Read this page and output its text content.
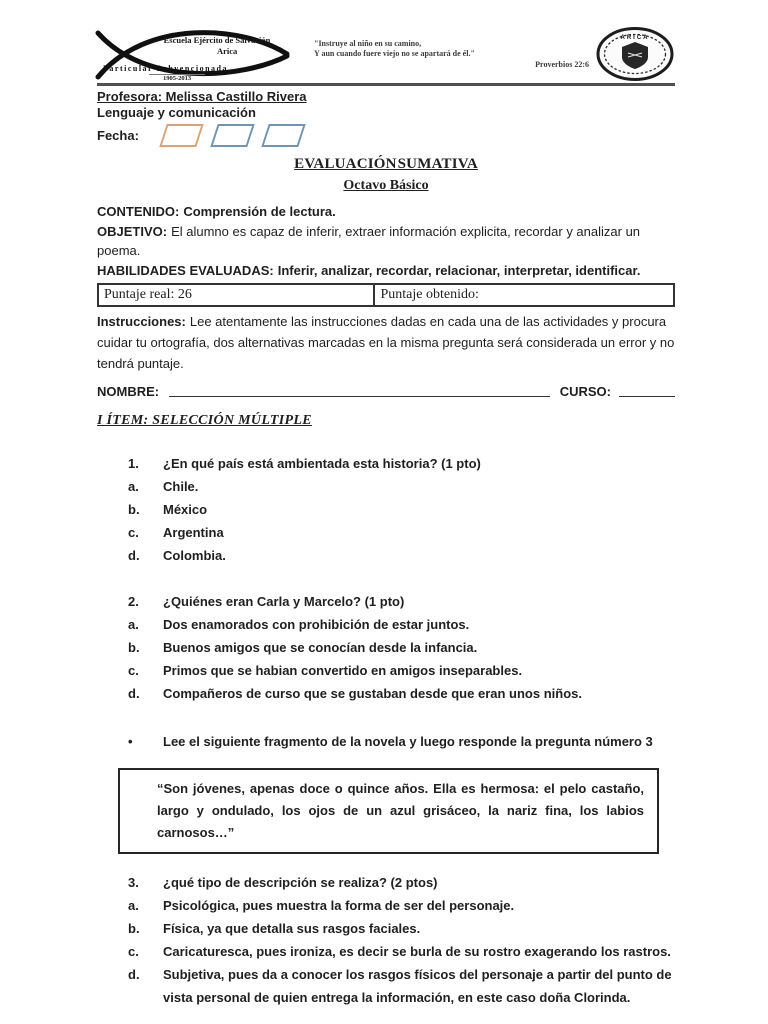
Escuela Ejército de Salvación
Arica
Particular Subvencionada
1905-2013
"Instruye al niño en su camino,
Y aun cuando fuere viejo no se apartará de él."
Proverbios 22:6
ARICA
Profesora: Melissa Castillo Rivera
Lenguaje y comunicación
Fecha:
EVALUACIÓN SUMATIVA
Octavo Básico
CONTENIDO: Comprensión de lectura.
OBJETIVO: El alumno es capaz de inferir, extraer información explicita, recordar y analizar un poema.
HABILIDADES EVALUADAS: Inferir, analizar, recordar, relacionar, interpretar, identificar.
Puntaje real: 26	Puntaje obtenido:
Instrucciones: Lee atentamente las instrucciones dadas en cada una de las actividades y procura cuidar tu ortografía, dos alternativas marcadas en la misma pregunta será considerada un error y no tendrá puntaje.
NOMBRE:	CURSO:
I ÍTEM: SELECCIÓN MÚLTIPLE
1.	¿En qué país está ambientada esta historia? (1 pto)
a.	Chile.
b.	México
c.	Argentina
d.	Colombia.
2.	¿Quiénes eran Carla y Marcelo? (1 pto)
a.	Dos enamorados con prohibición de estar juntos.
b.	Buenos amigos que se conocían desde la infancia.
c.	Primos que se habian convertido en amigos inseparables.
d.	Compañeros de curso que se gustaban desde que eran unos niños.
•	Lee el siguiente fragmento de la novela y luego responde la pregunta número 3
“Son jóvenes, apenas doce o quince años. Ella es hermosa: el pelo castaño, largo y ondulado, los ojos de un azul grisáceo, la nariz fina, los labios carnosos…”
3.	¿qué tipo de descripción se realiza? (2 ptos)
a.	Psicológica, pues muestra la forma de ser del personaje.
b.	Física, ya que detalla sus rasgos faciales.
c.	Caricaturesca, pues ironiza, es decir se burla de su rostro exagerando los rastros.
d.	Subjetiva, pues da a conocer los rasgos físicos del personaje a partir del punto de vista personal de quien entrega la información, en este caso doña Clorinda.
